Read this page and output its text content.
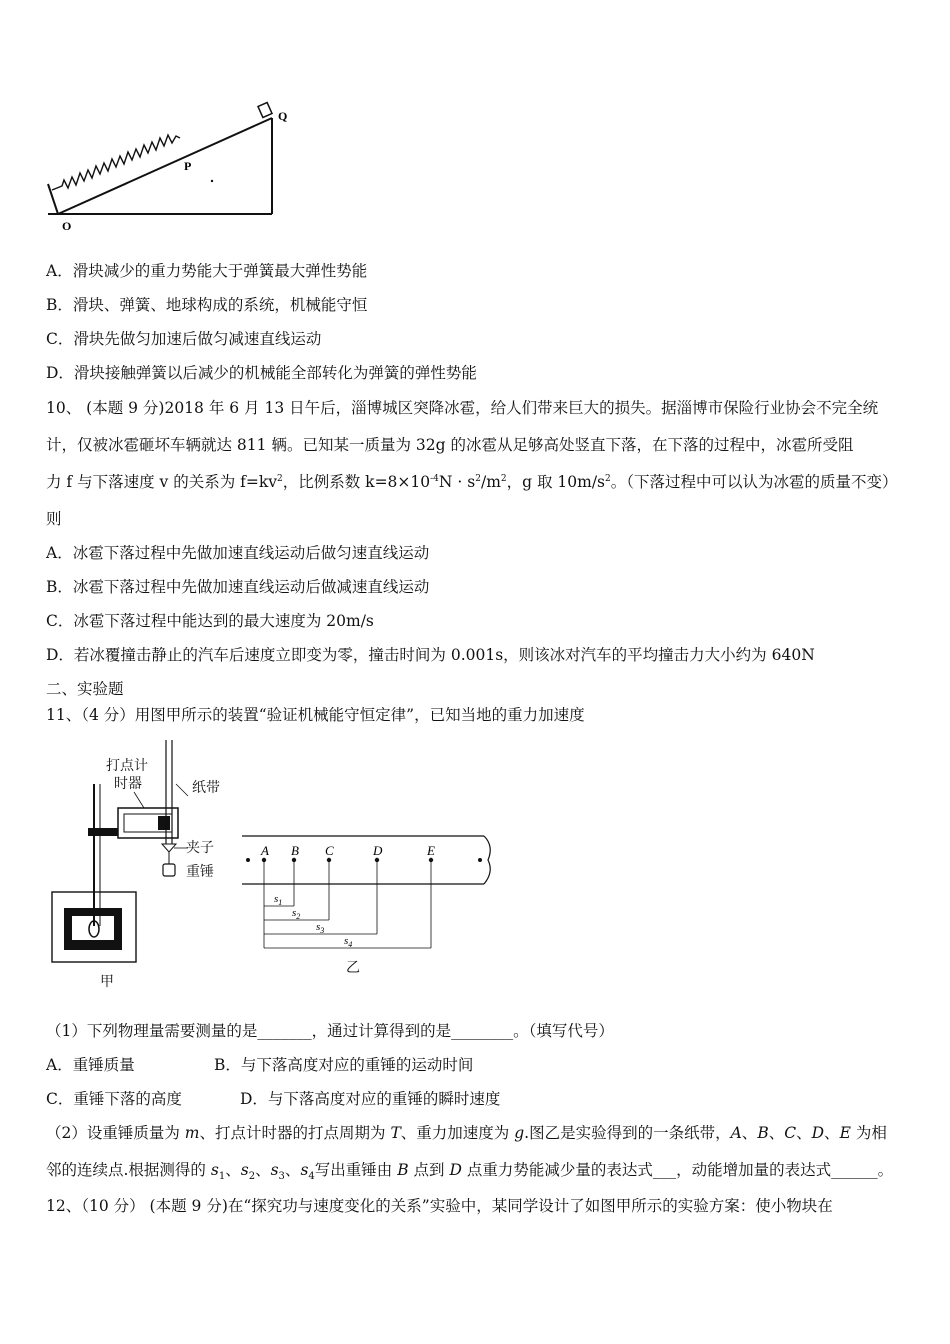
Q
P
O
A．滑块减少的重力势能大于弹簧最大弹性势能
B．滑块、弹簧、地球构成的系统，机械能守恒
C．滑块先做匀加速后做匀减速直线运动
D．滑块接触弹簧以后减少的机械能全部转化为弹簧的弹性势能
10、 (本题 9 分)2018 年 6 月 13 日午后，淄博城区突降冰雹，给人们带来巨大的损失。据淄博市保险行业协会不完全统
计，仅被冰雹砸坏车辆就达 811 辆。已知某一质量为 32g 的冰雹从足够高处竖直下落，在下落的过程中，冰雹所受阻
力 f 与下落速度 v 的关系为 $f=kv^2$，比例系数 $k=8\times 10^{-4}N \cdot s^2/m^2$，g 取 $10m/s^2$。（下落过程中可以认为冰雹的质量不变）
则
A．冰雹下落过程中先做加速直线运动后做匀速直线运动
B．冰雹下落过程中先做加速直线运动后做减速直线运动
C．冰雹下落过程中能达到的最大速度为 20m/s
D．若冰覆撞击静止的汽车后速度立即变为零，撞击时间为 0.001s，则该冰对汽车的平均撞击力大小约为 640N
二、实验题
11、（4 分）用图甲所示的装置“验证机械能守恒定律”，已知当地的重力加速度
打点计
时器	纸带
夹子
重锤
甲
A B C	D	E
$s_1$
$s_2$
$s_3$
$s_4$
乙
（1）下列物理量需要测量的是_______，通过计算得到的是________。（填写代号）
A．重锤质量	B．与下落高度对应的重锤的运动时间
C．重锤下落的高度	D．与下落高度对应的重锤的瞬时速度
（2）设重锤质量为 m、打点计时器的打点周期为 T、重力加速度为 g.图乙是实验得到的一条纸带，A、B、C、D、E 为相
邻的连续点.根据测得的 $s_1$、$s_2$、$s_3$、$s_4$写出重锤由 B 点到 D 点重力势能减少量的表达式___，动能增加量的表达式______。
12、（10 分） (本题 9 分)在“探究功与速度变化的关系”实验中，某同学设计了如图甲所示的实验方案：使小物块在
